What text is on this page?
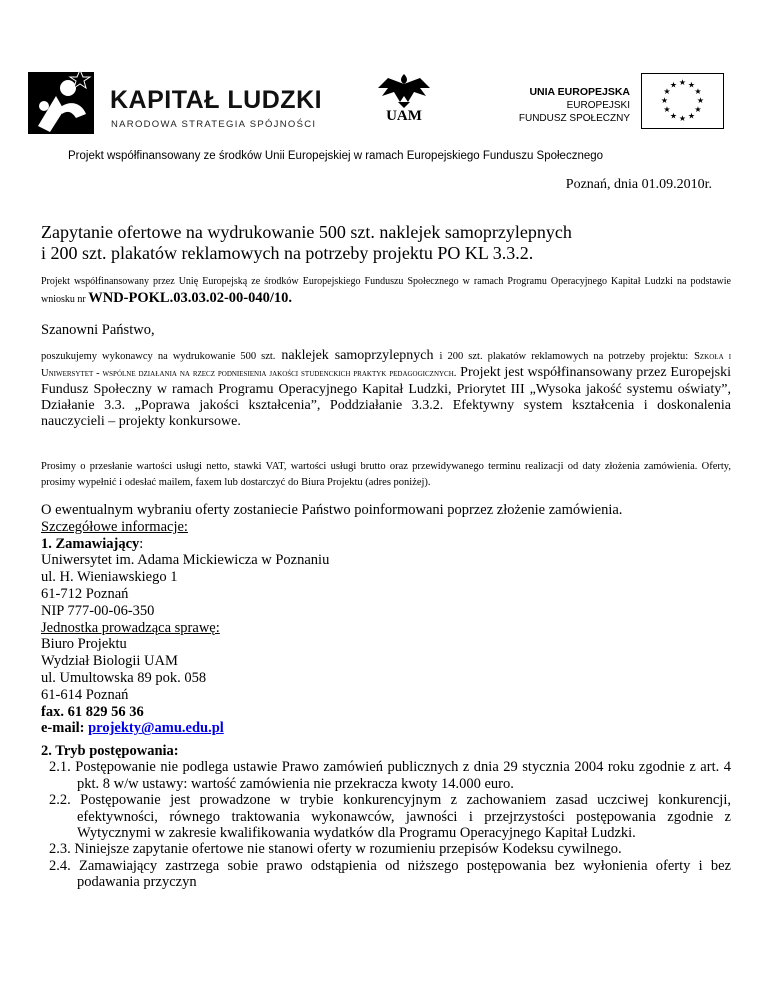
KAPITAŁ LUDZKI
NARODOWA STRATEGIA SPÓJNOŚCI
UAM
UNIA EUROPEJSKA
EUROPEJSKI
FUNDUSZ SPOŁECZNY
★ ★
★
★
★
★
★
★
★
★
★
★
Projekt współfinansowany ze środków Unii Europejskiej w ramach Europejskiego Funduszu Społecznego
Poznań, dnia 01.09.2010r.
Zapytanie ofertowe na wydrukowanie 500 szt. naklejek samoprzylepnych
i 200 szt. plakatów reklamowych na potrzeby projektu PO KL 3.3.2.
Projekt współfinansowany przez Unię Europejską ze środków Europejskiego Funduszu Społecznego w ramach Programu Operacyjnego Kapitał Ludzki na podstawie wniosku nr WND-POKL.03.03.02-00-040/10.
Szanowni Państwo,
poszukujemy wykonawcy na wydrukowanie 500 szt. naklejek samoprzylepnych i 200 szt. plakatów reklamowych na potrzeby projektu: Szkoła i Uniwersytet - wspólne działania na rzecz podniesienia jakości studenckich praktyk pedagogicznych. Projekt jest współfinansowany przez Europejski Fundusz Społeczny w ramach Programu Operacyjnego Kapitał Ludzki, Priorytet III „Wysoka jakość systemu oświaty”, Działanie 3.3. „Poprawa jakości kształcenia”, Poddziałanie 3.3.2. Efektywny system kształcenia i doskonalenia nauczycieli – projekty konkursowe.
Prosimy o przesłanie wartości usługi netto, stawki VAT, wartości usługi brutto oraz przewidywanego terminu realizacji od daty złożenia zamówienia. Oferty, prosimy wypełnić i odesłać mailem, faxem lub dostarczyć do Biura Projektu (adres poniżej).

O ewentualnym wybraniu oferty zostaniecie Państwo poinformowani poprzez złożenie zamówienia.

Szczegółowe informacje:

1. Zamawiający:

Uniwersytet im. Adama Mickiewicza w Poznaniu

ul. H. Wieniawskiego 1

61-712 Poznań

NIP 777-00-06-350

Jednostka prowadząca sprawę:

Biuro Projektu

Wydział Biologii UAM

ul. Umultowska 89 pok. 058

61-614 Poznań

fax. 61 829 56 36

e-mail: projekty@amu.edu.pl

2. Tryb postępowania:

2.1. Postępowanie nie podlega ustawie Prawo zamówień publicznych z dnia 29 stycznia 2004 roku zgodnie z art. 4 pkt. 8 w/w ustawy: wartość zamówienia nie przekracza kwoty 14.000 euro.

2.2. Postępowanie jest prowadzone w trybie konkurencyjnym z zachowaniem zasad uczciwej konkurencji, efektywności, równego traktowania wykonawców, jawności i przejrzystości postępowania zgodnie z Wytycznymi w zakresie kwalifikowania wydatków dla Programu Operacyjnego Kapitał Ludzki.

2.3. Niniejsze zapytanie ofertowe nie stanowi oferty w rozumieniu przepisów Kodeksu cywilnego.

2.4. Zamawiający zastrzega sobie prawo odstąpienia od niższego postępowania bez wyłonienia oferty i bez podawania przyczyn
